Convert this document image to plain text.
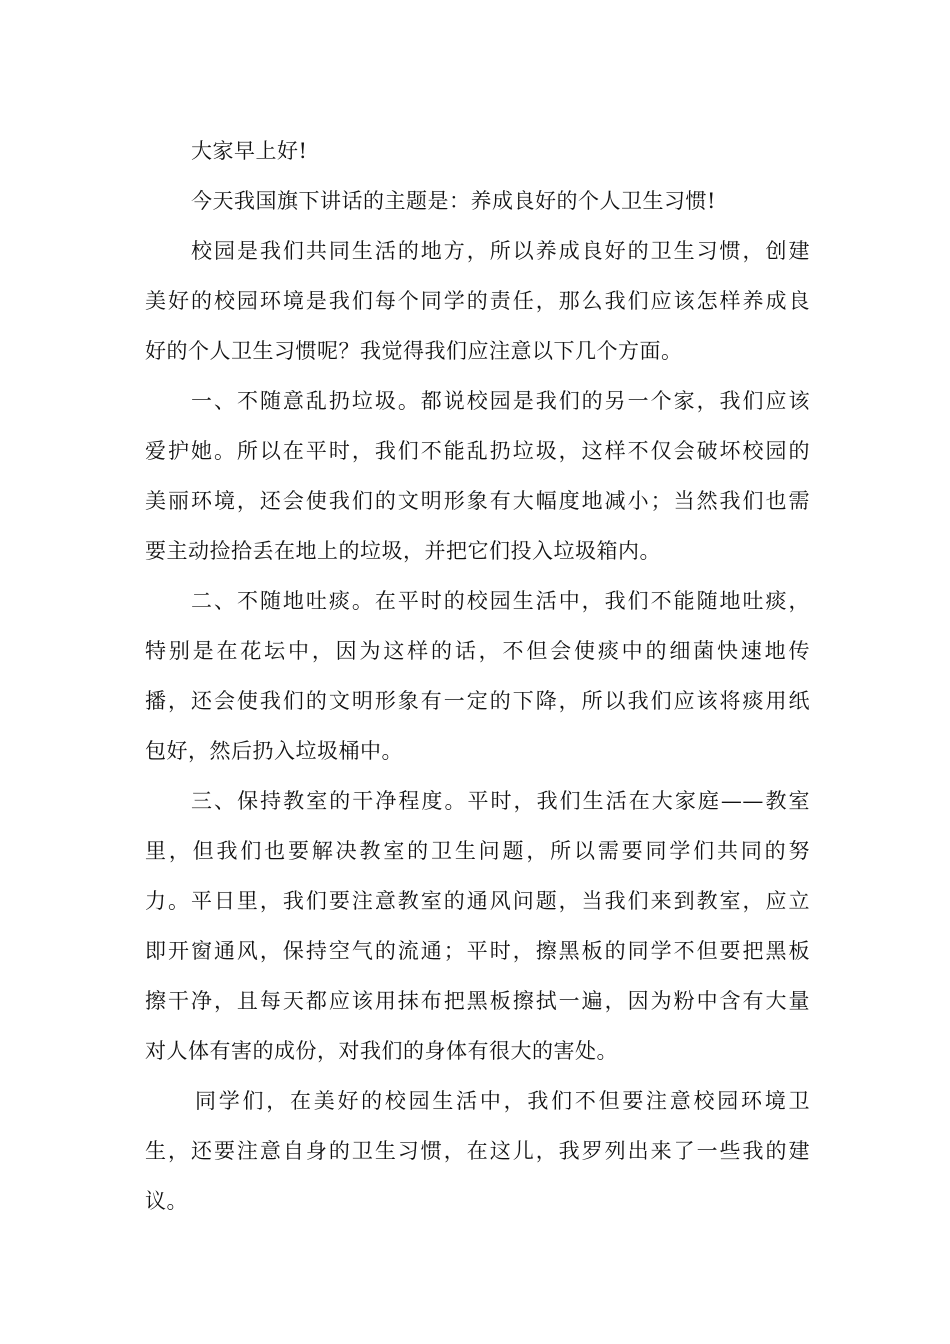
大家早上好!
今天我国旗下讲话的主题是：养成良好的个人卫生习惯!
校园是我们共同生活的地方，所以养成良好的卫生习惯，创建
美好的校园环境是我们每个同学的责任，那么我们应该怎样养成良
好的个人卫生习惯呢？我觉得我们应注意以下几个方面。
一、不随意乱扔垃圾。都说校园是我们的另一个家，我们应该
爱护她。所以在平时，我们不能乱扔垃圾，这样不仅会破坏校园的
美丽环境，还会使我们的文明形象有大幅度地减小；当然我们也需
要主动捡拾丢在地上的垃圾，并把它们投入垃圾箱内。
二、不随地吐痰。在平时的校园生活中，我们不能随地吐痰，
特别是在花坛中，因为这样的话，不但会使痰中的细菌快速地传
播，还会使我们的文明形象有一定的下降，所以我们应该将痰用纸
包好，然后扔入垃圾桶中。
三、保持教室的干净程度。平时，我们生活在大家庭——教室
里，但我们也要解决教室的卫生问题，所以需要同学们共同的努
力。平日里，我们要注意教室的通风问题，当我们来到教室，应立
即开窗通风，保持空气的流通；平时，擦黑板的同学不但要把黑板
擦干净，且每天都应该用抹布把黑板擦拭一遍，因为粉中含有大量
对人体有害的成份，对我们的身体有很大的害处。
同学们，在美好的校园生活中，我们不但要注意校园环境卫
生，还要注意自身的卫生习惯，在这儿，我罗列出来了一些我的建
议。
